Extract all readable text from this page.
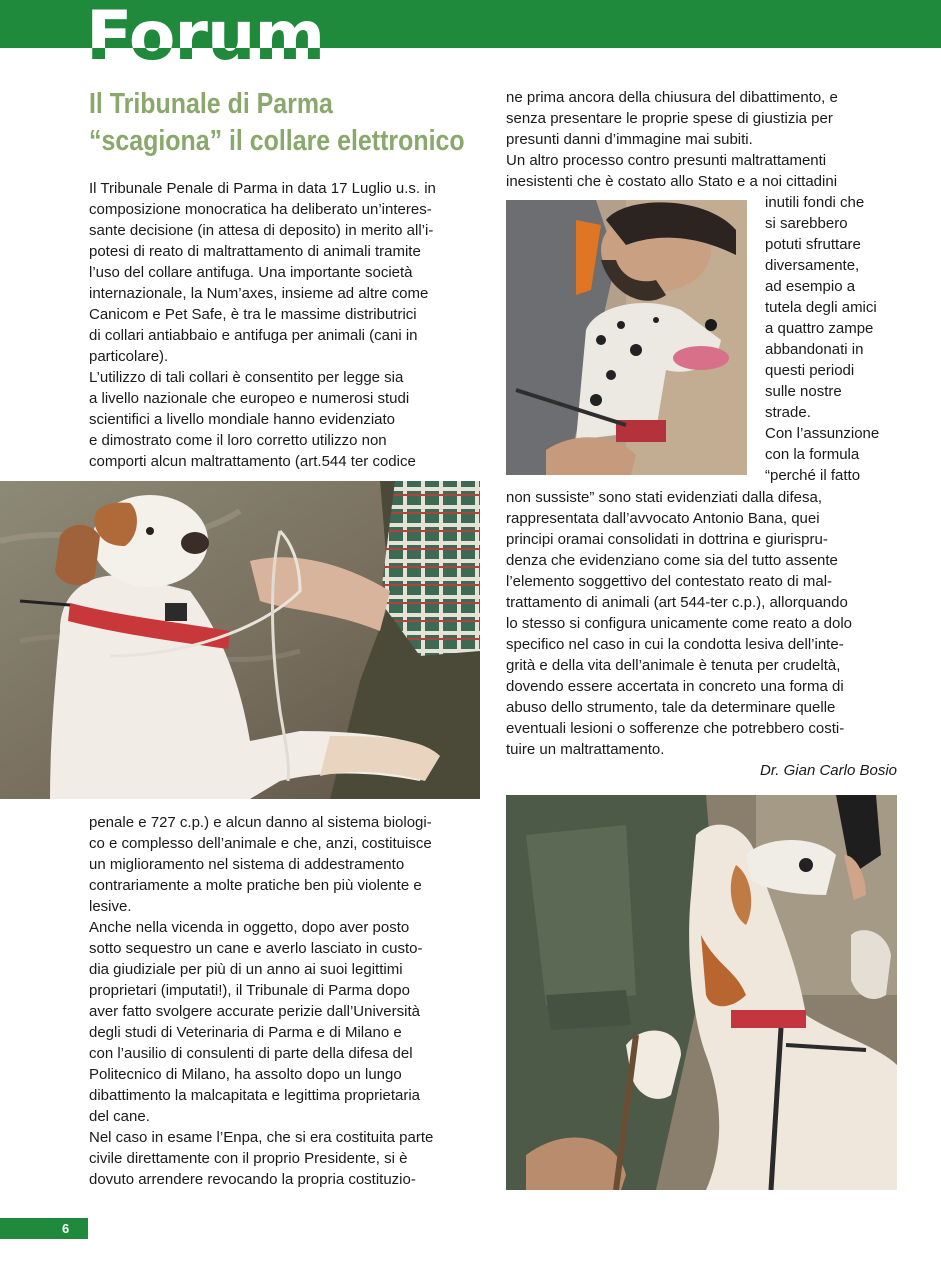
Forum
Il Tribunale di Parma
“scagiona” il collare elettronico
Il Tribunale Penale di Parma in data 17 Luglio u.s. in
composizione monocratica ha deliberato un’interes-
sante decisione (in attesa di deposito) in merito all’i-
potesi di reato di maltrattamento di animali tramite
l’uso del collare antifuga. Una importante società
internazionale, la Num’axes, insieme ad altre come
Canicom e Pet Safe, è tra le massime distributrici
di collari antiabbaio e antifuga per animali (cani in
particolare).
L’utilizzo di tali collari è consentito per legge sia
a livello nazionale che europeo e numerosi studi
scientifici a livello mondiale hanno evidenziato
e dimostrato come il loro corretto utilizzo non
comporti alcun maltrattamento (art.544 ter codice
penale e 727 c.p.) e alcun danno al sistema biologi-
co e complesso dell’animale e che, anzi, costituisce
un miglioramento nel sistema di addestramento
contrariamente a molte pratiche ben più violente e
lesive.
Anche nella vicenda in oggetto, dopo aver posto
sotto sequestro un cane e averlo lasciato in custo-
dia giudiziale per più di un anno ai suoi legittimi
proprietari (imputati!), il Tribunale di Parma dopo
aver fatto svolgere accurate perizie dall’Università
degli studi di Veterinaria di Parma e di Milano e
con l’ausilio di consulenti di parte della difesa del
Politecnico di Milano, ha assolto dopo un lungo
dibattimento la malcapitata e legittima proprietaria
del cane.
Nel caso in esame l’Enpa, che si era costituita parte
civile direttamente con il proprio Presidente, si è
dovuto arrendere revocando la propria costituzio-
ne prima ancora della chiusura del dibattimento, e
senza presentare le proprie spese di giustizia per
presunti danni d’immagine mai subiti.
Un altro processo contro presunti maltrattamenti
inesistenti che è costato allo Stato e a noi cittadini
inutili fondi che
si sarebbero
potuti sfruttare
diversamente,
ad esempio a
tutela degli amici
a quattro zampe
abbandonati in
questi periodi
sulle nostre
strade.
Con l’assunzione
con la formula
“perché il fatto
non sussiste” sono stati evidenziati dalla difesa,
rappresentata dall’avvocato Antonio Bana, quei
principi oramai consolidati in dottrina e giurispru-
denza che evidenziano come sia del tutto assente
l’elemento soggettivo del contestato reato di mal-
trattamento di animali (art 544-ter c.p.), allorquando
lo stesso si configura unicamente come reato a dolo
specifico nel caso in cui la condotta lesiva dell’inte-
grità e della vita dell’animale è tenuta per crudeltà,
dovendo essere accertata in concreto una forma di
abuso dello strumento, tale da determinare quelle
eventuali lesioni o sofferenze che potrebbero costi-
tuire un maltrattamento.
Dr. Gian Carlo Bosio
6
